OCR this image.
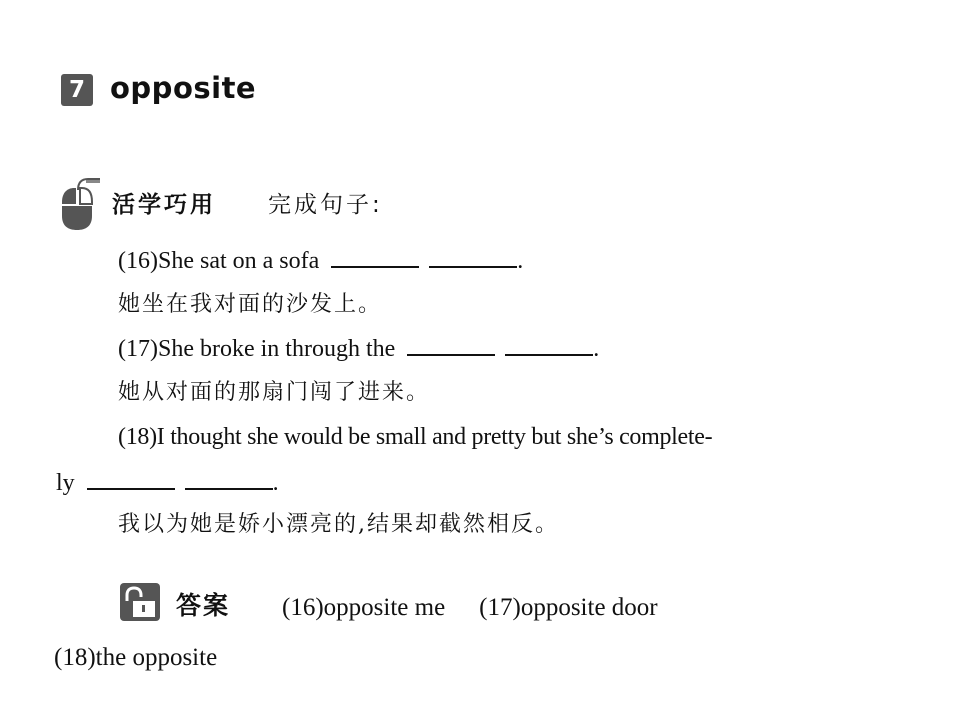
7 opposite
活学巧用 完成句子:
(16)She sat on a sofa	.
她坐在我对面的沙发上。
(17)She broke in through the	.
她从对面的那扇门闯了进来。
(18)I thought she would be small and pretty but she’s complete-
ly	.
我以为她是娇小漂亮的,结果却截然相反。
答案 (16)opposite me (17)opposite door
(18)the opposite
